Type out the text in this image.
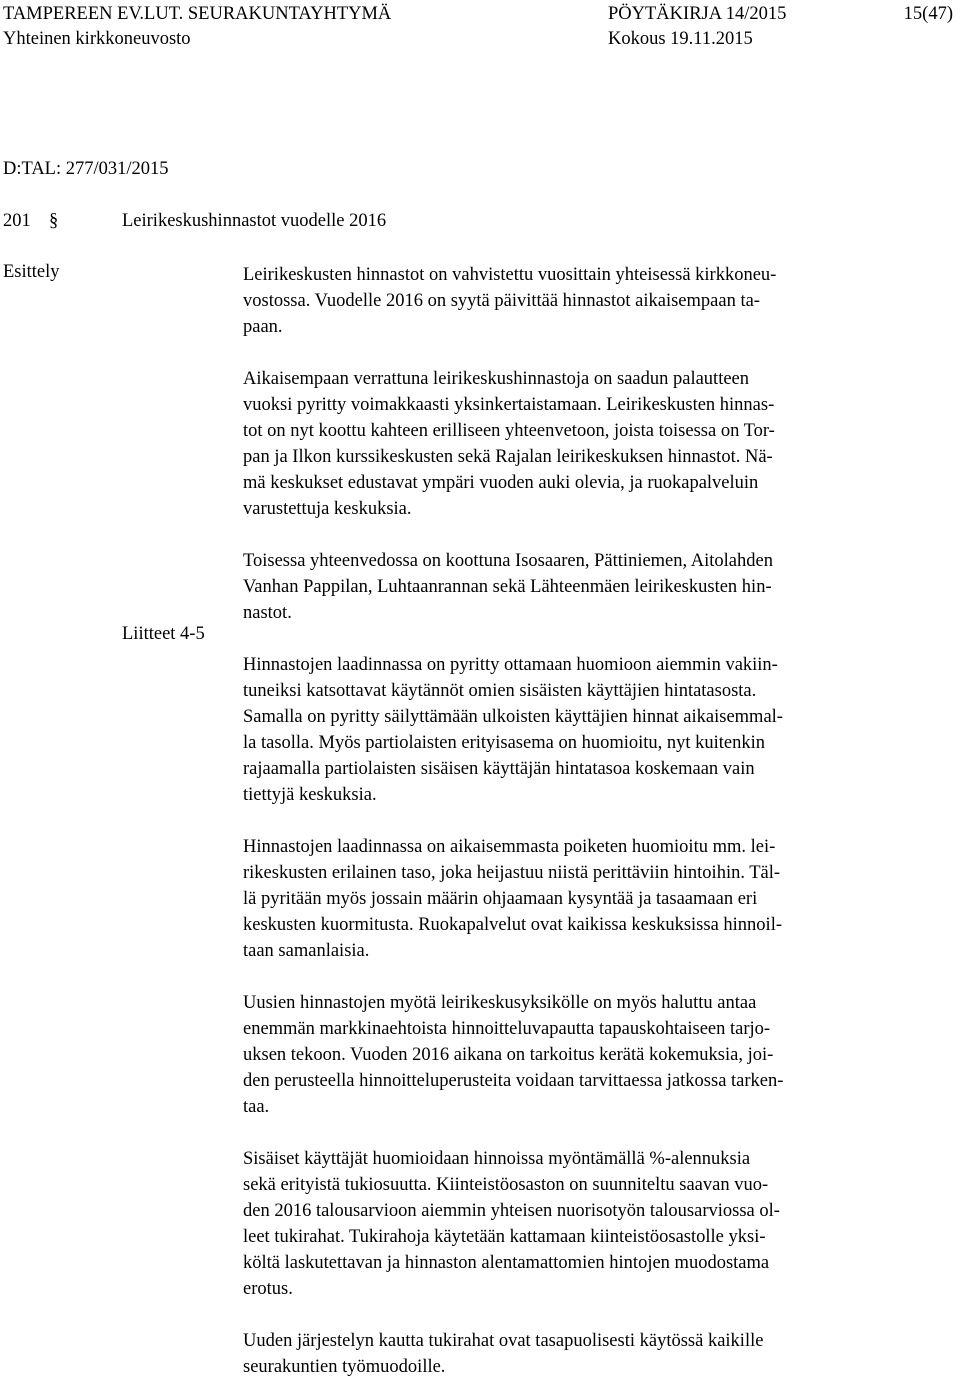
TAMPEREEN EV.LUT. SEURAKUNTAYHTYMÄ
Yhteinen kirkkoneuvosto
PÖYTÄKIRJA 14/2015
Kokous 19.11.2015
15(47)
D:TAL: 277/031/2015
201 §	Leirikeskushinnastot vuodelle 2016
Esittely
Liitteet 4-5

Leirikeskusten hinnastot on vahvistettu vuosittain yhteisessä kirkkoneu-
vostossa. Vuodelle 2016 on syytä päivittää hinnastot aikaisempaan ta-
paan.

Aikaisempaan verrattuna leirikeskushinnastoja on saadun palautteen
vuoksi pyritty voimakkaasti yksinkertaistamaan. Leirikeskusten hinnas-
tot on nyt koottu kahteen erilliseen yhteenvetoon, joista toisessa on Tor-
pan ja Ilkon kurssikeskusten sekä Rajalan leirikeskuksen hinnastot. Nä-
mä keskukset edustavat ympäri vuoden auki olevia, ja ruokapalveluin
varustettuja keskuksia.

Toisessa yhteenvedossa on koottuna Isosaaren, Pättiniemen, Aitolahden
Vanhan Pappilan, Luhtaanrannan sekä Lähteenmäen leirikeskusten hin-
nastot.

Hinnastojen laadinnassa on pyritty ottamaan huomioon aiemmin vakiin-
tuneiksi katsottavat käytännöt omien sisäisten käyttäjien hintatasosta.
Samalla on pyritty säilyttämään ulkoisten käyttäjien hinnat aikaisemmal-
la tasolla. Myös partiolaisten erityisasema on huomioitu, nyt kuitenkin
rajaamalla partiolaisten sisäisen käyttäjän hintatasoa koskemaan vain
tiettyjä keskuksia.

Hinnastojen laadinnassa on aikaisemmasta poiketen huomioitu mm. lei-
rikeskusten erilainen taso, joka heijastuu niistä perittäviin hintoihin. Täl-
lä pyritään myös jossain määrin ohjaamaan kysyntää ja tasaamaan eri
keskusten kuormitusta. Ruokapalvelut ovat kaikissa keskuksissa hinnoil-
taan samanlaisia.

Uusien hinnastojen myötä leirikeskusyksikölle on myös haluttu antaa
enemmän markkinaehtoista hinnoitteluvapautta tapauskohtaiseen tarjo-
uksen tekoon. Vuoden 2016 aikana on tarkoitus kerätä kokemuksia, joi-
den perusteella hinnoitteluperusteita voidaan tarvittaessa jatkossa tarken-
taa.

Sisäiset käyttäjät huomioidaan hinnoissa myöntämällä %-alennuksia
sekä erityistä tukiosuutta. Kiinteistöosaston on suunniteltu saavan vuo-
den 2016 talousarvioon aiemmin yhteisen nuorisotyön talousarviossa ol-
leet tukirahat. Tukirahoja käytetään kattamaan kiinteistöosastolle yksi-
költä laskutettavan ja hinnaston alentamattomien hintojen muodostama
erotus.

Uuden järjestelyn kautta tukirahat ovat tasapuolisesti käytössä kaikille
seurakuntien työmuodoille.
